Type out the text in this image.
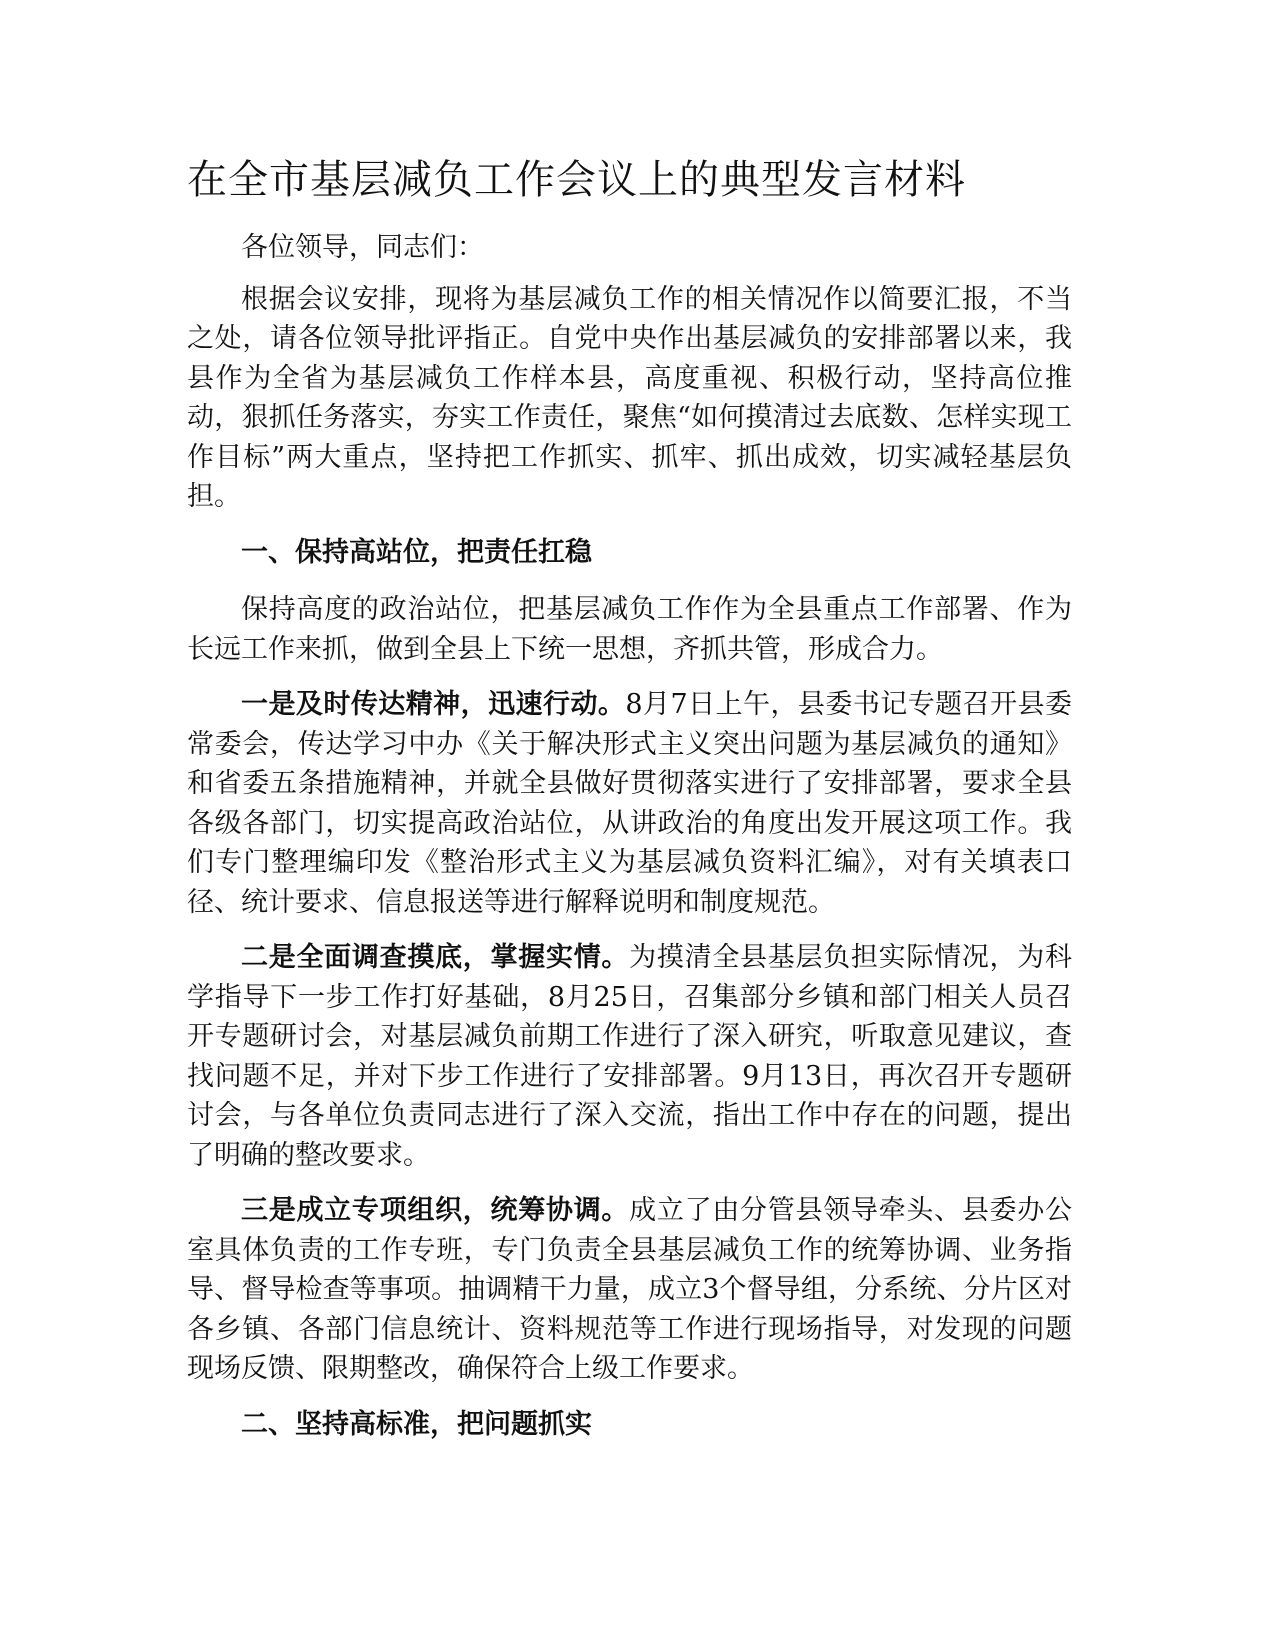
在全市基层减负工作会议上的典型发言材料

各位领导，同志们：

根据会议安排，现将为基层减负工作的相关情况作以简要汇报，不当之处，请各位领导批评指正。自党中央作出基层减负的安排部署以来，我县作为全省为基层减负工作样本县，高度重视、积极行动，坚持高位推动，狠抓任务落实，夯实工作责任，聚焦“如何摸清过去底数、怎样实现工作目标”两大重点，坚持把工作抓实、抓牢、抓出成效，切实减轻基层负担。

一、保持高站位，把责任扛稳

保持高度的政治站位，把基层减负工作作为全县重点工作部署、作为长远工作来抓，做到全县上下统一思想，齐抓共管，形成合力。

一是及时传达精神，迅速行动。8月7日上午，县委书记专题召开县委常委会，传达学习中办《关于解决形式主义突出问题为基层减负的通知》和省委五条措施精神，并就全县做好贯彻落实进行了安排部署，要求全县各级各部门，切实提高政治站位，从讲政治的角度出发开展这项工作。我们专门整理编印发《整治形式主义为基层减负资料汇编》，对有关填表口径、统计要求、信息报送等进行解释说明和制度规范。

二是全面调查摸底，掌握实情。为摸清全县基层负担实际情况，为科学指导下一步工作打好基础，8月25日，召集部分乡镇和部门相关人员召开专题研讨会，对基层减负前期工作进行了深入研究，听取意见建议，查找问题不足，并对下步工作进行了安排部署。9月13日，再次召开专题研讨会，与各单位负责同志进行了深入交流，指出工作中存在的问题，提出了明确的整改要求。

三是成立专项组织，统筹协调。成立了由分管县领导牵头、县委办公室具体负责的工作专班，专门负责全县基层减负工作的统筹协调、业务指导、督导检查等事项。抽调精干力量，成立3个督导组，分系统、分片区对各乡镇、各部门信息统计、资料规范等工作进行现场指导，对发现的问题现场反馈、限期整改，确保符合上级工作要求。

二、坚持高标准，把问题抓实
